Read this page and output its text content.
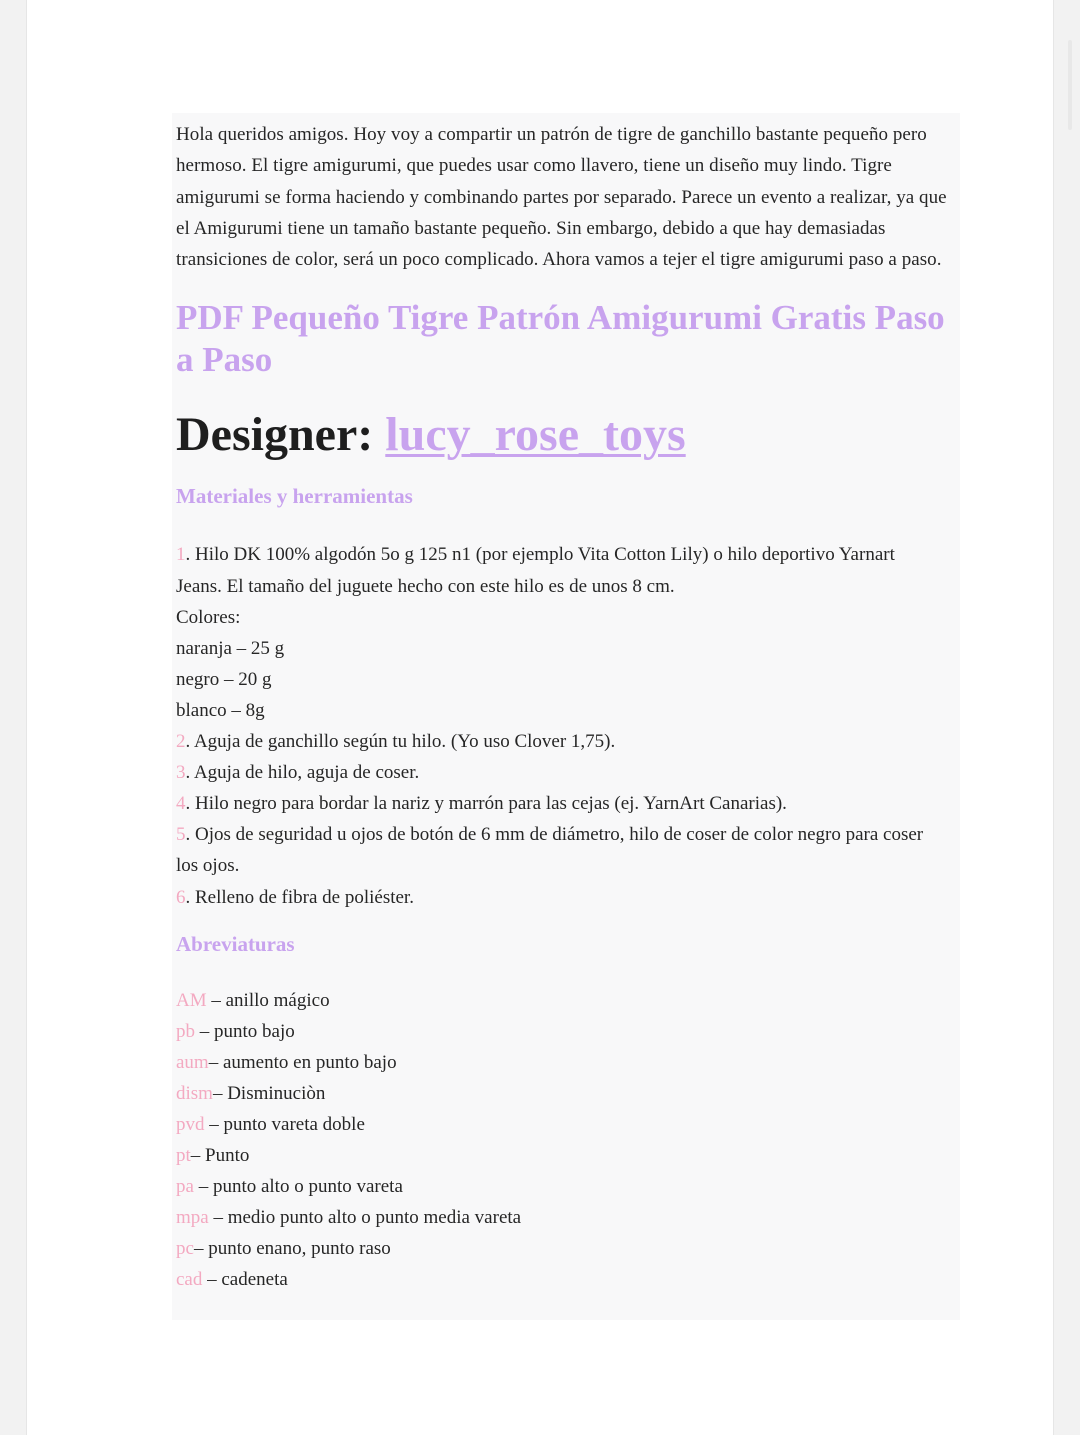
Hola queridos amigos. Hoy voy a compartir un patrón de tigre de ganchillo bastante pequeño pero hermoso. El tigre amigurumi, que puedes usar como llavero, tiene un diseño muy lindo. Tigre amigurumi se forma haciendo y combinando partes por separado. Parece un evento a realizar, ya que el Amigurumi tiene un tamaño bastante pequeño. Sin embargo, debido a que hay demasiadas transiciones de color, será un poco complicado. Ahora vamos a tejer el tigre amigurumi paso a paso.

PDF Pequeño Tigre Patrón Amigurumi Gratis Paso a Paso
Designer: lucy_rose_toys
Materiales y herramientas
1. Hilo DK 100% algodón 5o g 125 n1 (por ejemplo Vita Cotton Lily) o hilo deportivo Yarnart
Jeans. El tamaño del juguete hecho con este hilo es de unos 8 cm.
Colores:
naranja – 25 g
negro – 20 g
blanco – 8g
2. Aguja de ganchillo según tu hilo. (Yo uso Clover 1,75).
3. Aguja de hilo, aguja de coser.
4. Hilo negro para bordar la nariz y marrón para las cejas (ej. YarnArt Canarias).
5. Ojos de seguridad u ojos de botón de 6 mm de diámetro, hilo de coser de color negro para coser
los ojos.
6. Relleno de fibra de poliéster.
Abreviaturas
AM – anillo mágico
pb – punto bajo
aum– aumento en punto bajo
dism– Disminuciòn
pvd – punto vareta doble
pt– Punto
pa – punto alto o punto vareta
mpa – medio punto alto o punto media vareta
pc– punto enano, punto raso
cad – cadeneta
